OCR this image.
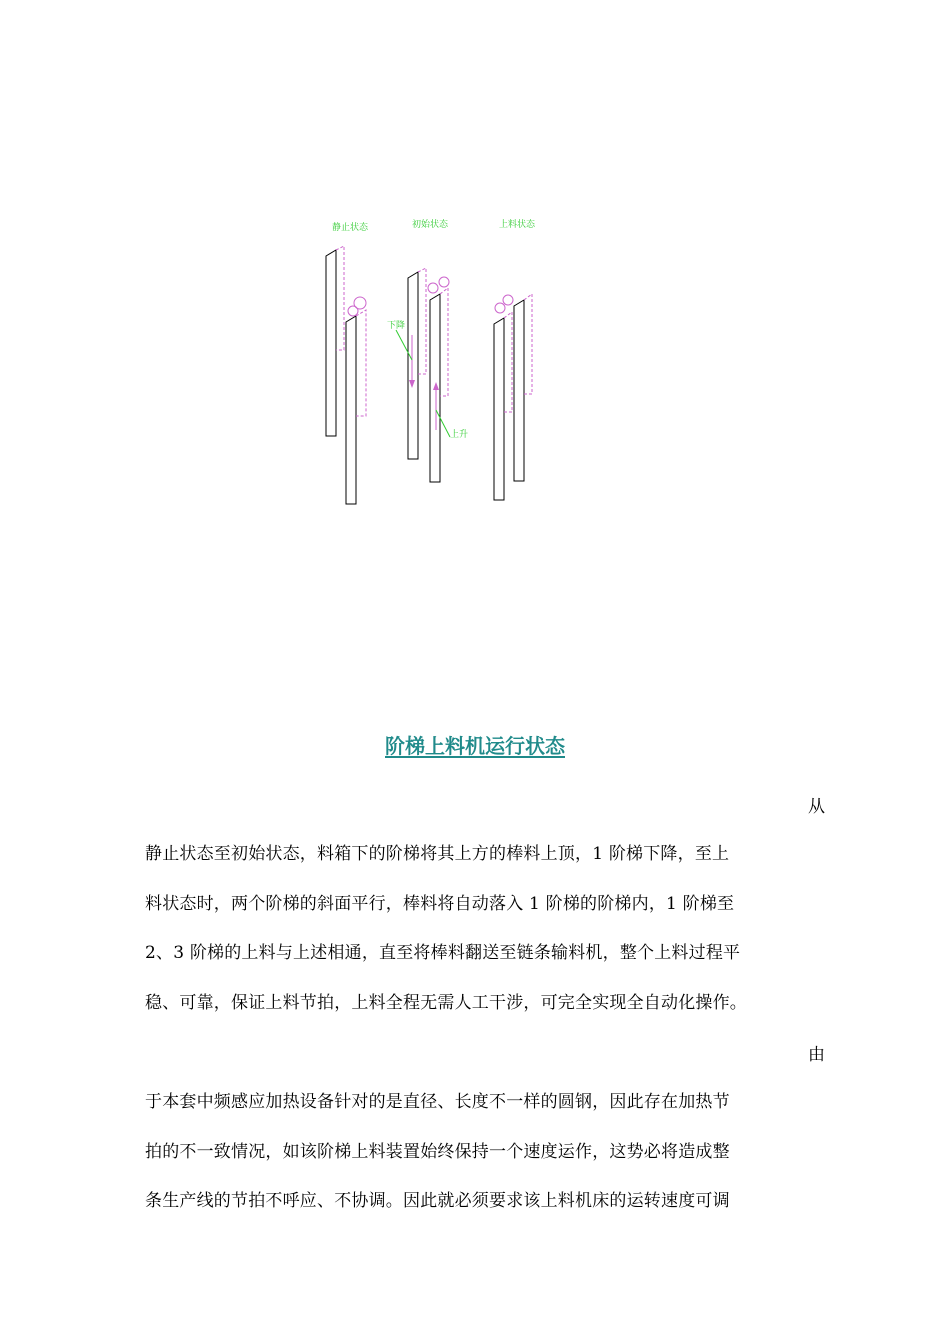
静止状态	初始状态	上料状态
下降
上升
阶梯上料机运行状态
从
静止状态至初始状态，料箱下的阶梯将其上方的棒料上顶，1 阶梯下降，至上
料状态时，两个阶梯的斜面平行，棒料将自动落入 1 阶梯的阶梯内，1 阶梯至
2、3 阶梯的上料与上述相通，直至将棒料翻送至链条输料机，整个上料过程平
稳、可靠，保证上料节拍，上料全程无需人工干涉，可完全实现全自动化操作。
由
于本套中频感应加热设备针对的是直径、长度不一样的圆钢，因此存在加热节
拍的不一致情况，如该阶梯上料装置始终保持一个速度运作，这势必将造成整
条生产线的节拍不呼应、不协调。因此就必须要求该上料机床的运转速度可调
